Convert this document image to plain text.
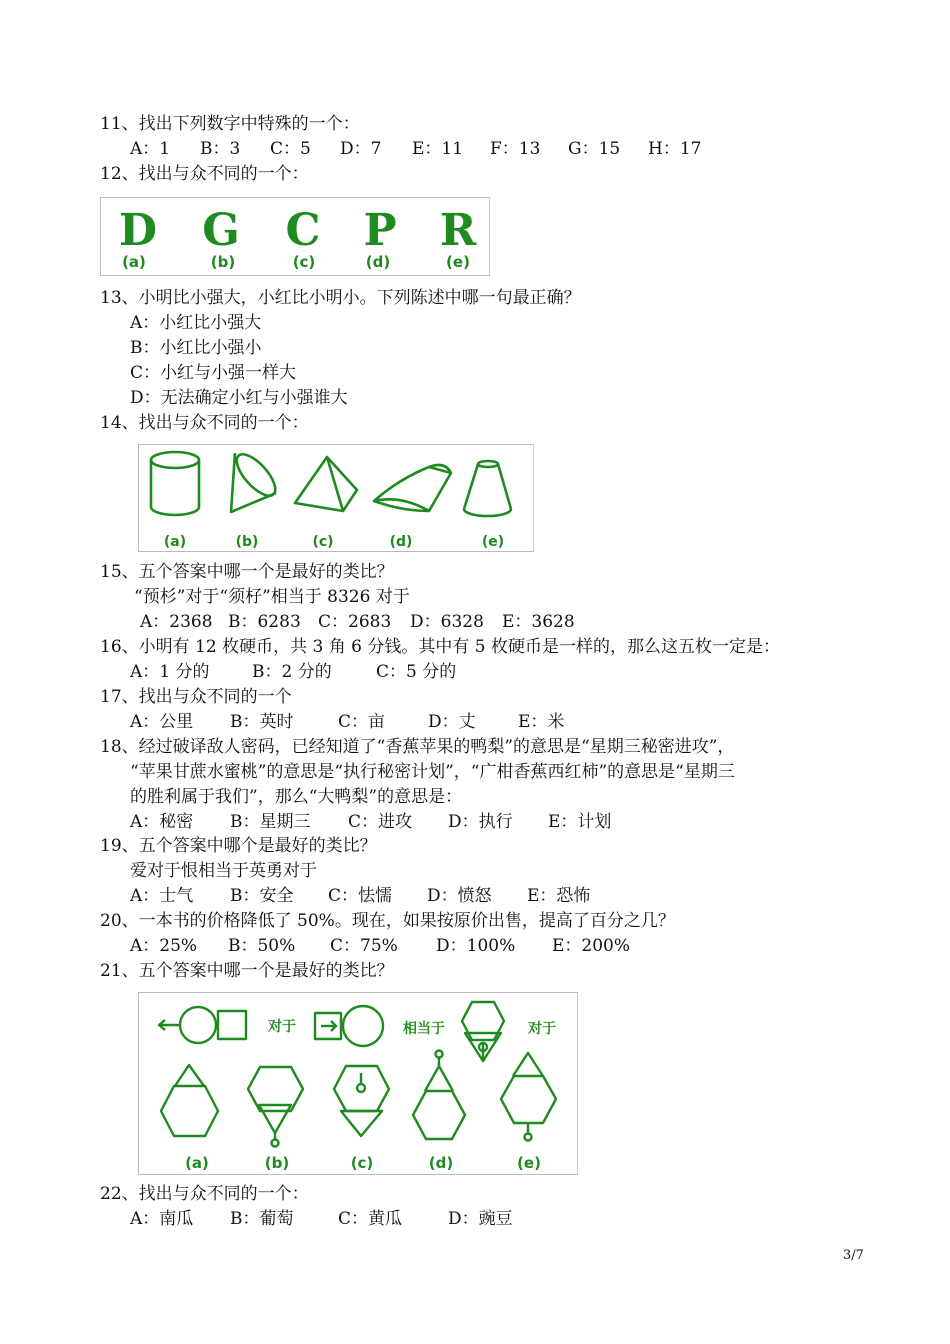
11、找出下列数字中特殊的一个：
A：1 B：3 C：5 D：7 E：11 F：13 G：15 H：17
12、找出与众不同的一个：
D G C P R
(a)	(b)	(c)	(d)	(e)
13、小明比小强大，小红比小明小。下列陈述中哪一句最正确？
A：小红比小强大
B：小红比小强小
C：小红与小强一样大
D：无法确定小红与小强谁大
14、找出与众不同的一个：
(a)	(b)	(c)	(d)	(e)
15、五个答案中哪一个是最好的类比？
“预杉”对于“须杍”相当于 8326 对于
A：2368 B：6283 C：2683 D：6328 E：3628
16、小明有 12 枚硬币，共 3 角 6 分钱。其中有 5 枚硬币是一样的，那么这五枚一定是：
A：1 分的	B：2 分的	C：5 分的
17、找出与众不同的一个
A：公里 B：英时	C：亩	D：丈 E：米
18、经过破译敌人密码，已经知道了“香蕉苹果的鸭梨”的意思是“星期三秘密进攻”，
“苹果甘蔗水蜜桃”的意思是“执行秘密计划”，“广柑香蕉西红柿”的意思是“星期三
的胜利属于我们”，那么“大鸭梨”的意思是：
A：秘密 B：星期三 C：进攻 D：执行 E：计划
19、五个答案中哪个是最好的类比？
爱对于恨相当于英勇对于
A：士气 B：安全 C：怯懦 D：愤怒 E：恐怖
20、一本书的价格降低了 50%。现在，如果按原价出售，提高了百分之几？
A：25% B：50% C：75% D：100% E：200%
21、五个答案中哪一个是最好的类比？
对于	相当于	对于
(a)	(b)	(c)	(d)	(e)
22、找出与众不同的一个：
A：南瓜 B：葡萄	C：黄瓜	D：豌豆
3/7
